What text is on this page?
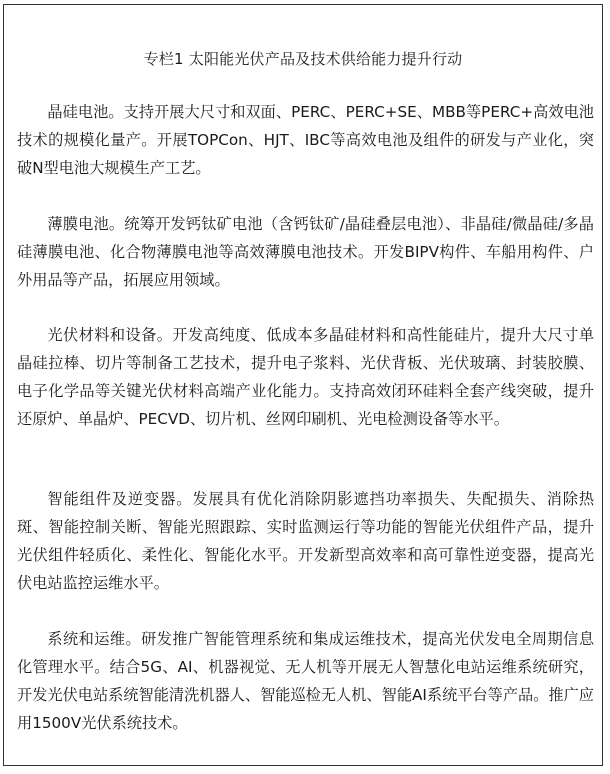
专栏1 太阳能光伏产品及技术供给能力提升行动

晶硅电池。支持开展大尺寸和双面、PERC、PERC+SE、MBB等PERC+高效电池技术的规模化量产。开展TOPCon、HJT、IBC等高效电池及组件的研发与产业化，突破N型电池大规模生产工艺。

薄膜电池。统筹开发钙钛矿电池（含钙钛矿/晶硅叠层电池）、非晶硅/微晶硅/多晶硅薄膜电池、化合物薄膜电池等高效薄膜电池技术。开发BIPV构件、车船用构件、户外用品等产品，拓展应用领域。

光伏材料和设备。开发高纯度、低成本多晶硅材料和高性能硅片，提升大尺寸单晶硅拉棒、切片等制备工艺技术，提升电子浆料、光伏背板、光伏玻璃、封装胶膜、电子化学品等关键光伏材料高端产业化能力。支持高效闭环硅料全套产线突破，提升还原炉、单晶炉、PECVD、切片机、丝网印刷机、光电检测设备等水平。

智能组件及逆变器。发展具有优化消除阴影遮挡功率损失、失配损失、消除热斑、智能控制关断、智能光照跟踪、实时监测运行等功能的智能光伏组件产品，提升光伏组件轻质化、柔性化、智能化水平。开发新型高效率和高可靠性逆变器，提高光伏电站监控运维水平。

系统和运维。研发推广智能管理系统和集成运维技术，提高光伏发电全周期信息化管理水平。结合5G、AI、机器视觉、无人机等开展无人智慧化电站运维系统研究，开发光伏电站系统智能清洗机器人、智能巡检无人机、智能AI系统平台等产品。推广应用1500V光伏系统技术。
